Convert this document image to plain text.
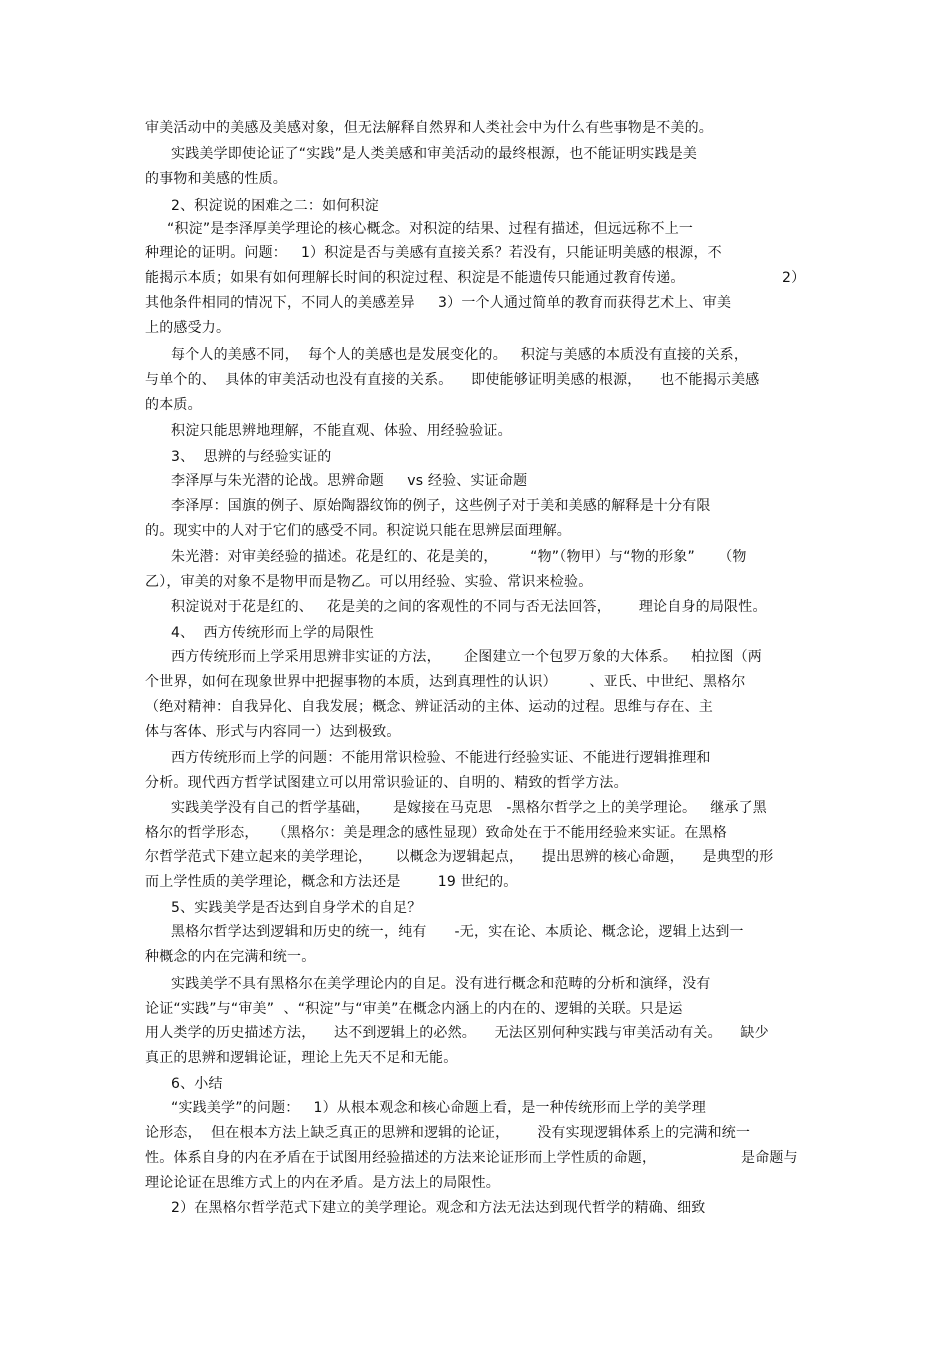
审美活动中的美感及美感对象，但无法解释自然界和人类社会中为什么有些事物是不美的。
实践美学即使论证了“实践”是人类美感和审美活动的最终根源，也不能证明实践是美
的事物和美感的性质。
2、积淀说的困难之二：如何积淀
“积淀”是李泽厚美学理论的核心概念。对积淀的结果、过程有描述，但远远称不上一
种理论的证明。问题：   1）积淀是否与美感有直接关系？若没有，只能证明美感的根源，不
能揭示本质；如果有如何理解长时间的积淀过程、积淀是不能遗传只能通过教育传递。	2）
其他条件相同的情况下，不同人的美感差异     3）一个人通过简单的教育而获得艺术上、审美
上的感受力。
每个人的美感不同，  每个人的美感也是发展变化的。   积淀与美感的本质没有直接的关系，
与单个的、  具体的审美活动也没有直接的关系。    即使能够证明美感的根源，    也不能揭示美感
的本质。
积淀只能思辨地理解，不能直观、体验、用经验验证。
3、  思辨的与经验实证的
李泽厚与朱光潜的论战。思辨命题     vs 经验、实证命题
李泽厚：国旗的例子、原始陶器纹饰的例子，这些例子对于美和美感的解释是十分有限
的。现实中的人对于它们的感受不同。积淀说只能在思辨层面理解。
朱光潜：对审美经验的描述。花是红的、花是美的，       “物”（物甲）与“物的形象”     （物
乙），审美的对象不是物甲而是物乙。可以用经验、实验、常识来检验。
积淀说对于花是红的、   花是美的之间的客观性的不同与否无法回答，      理论自身的局限性。
4、  西方传统形而上学的局限性
西方传统形而上学采用思辨非实证的方法，     企图建立一个包罗万象的大体系。   柏拉图（两
个世界，如何在现象世界中把握事物的本质，达到真理性的认识）       、亚氏、中世纪、黑格尔
（绝对精神：自我异化、自我发展；概念、辨证活动的主体、运动的过程。思维与存在、主
体与客体、形式与内容同一）达到极致。
西方传统形而上学的问题：不能用常识检验、不能进行经验实证、不能进行逻辑推理和
分析。现代西方哲学试图建立可以用常识验证的、自明的、精致的哲学方法。
实践美学没有自己的哲学基础，     是嫁接在马克思   -黑格尔哲学之上的美学理论。   继承了黑
格尔的哲学形态，   （黑格尔：美是理念的感性显现）致命处在于不能用经验来实证。在黑格
尔哲学范式下建立起来的美学理论，     以概念为逻辑起点，    提出思辨的核心命题，    是典型的形
而上学性质的美学理论，概念和方法还是        19 世纪的。
5、实践美学是否达到自身学术的自足？
黑格尔哲学达到逻辑和历史的统一，纯有      -无，实在论、本质论、概念论，逻辑上达到一
种概念的内在完满和统一。
实践美学不具有黑格尔在美学理论内的自足。没有进行概念和范畴的分析和演绎，没有
论证“实践”与“审美”  、“积淀”与“审美”在概念内涵上的内在的、逻辑的关联。只是运
用人类学的历史描述方法，    达不到逻辑上的必然。    无法区别何种实践与审美活动有关。    缺少
真正的思辨和逻辑论证，理论上先天不足和无能。
6、小结
“实践美学”的问题：   1）从根本观念和核心命题上看，是一种传统形而上学的美学理
论形态，  但在根本方法上缺乏真正的思辨和逻辑的论证，      没有实现逻辑体系上的完满和统一
性。体系自身的内在矛盾在于试图用经验描述的方法来论证形而上学性质的命题，	是命题与
理论论证在思维方式上的内在矛盾。是方法上的局限性。
2）在黑格尔哲学范式下建立的美学理论。观念和方法无法达到现代哲学的精确、细致
